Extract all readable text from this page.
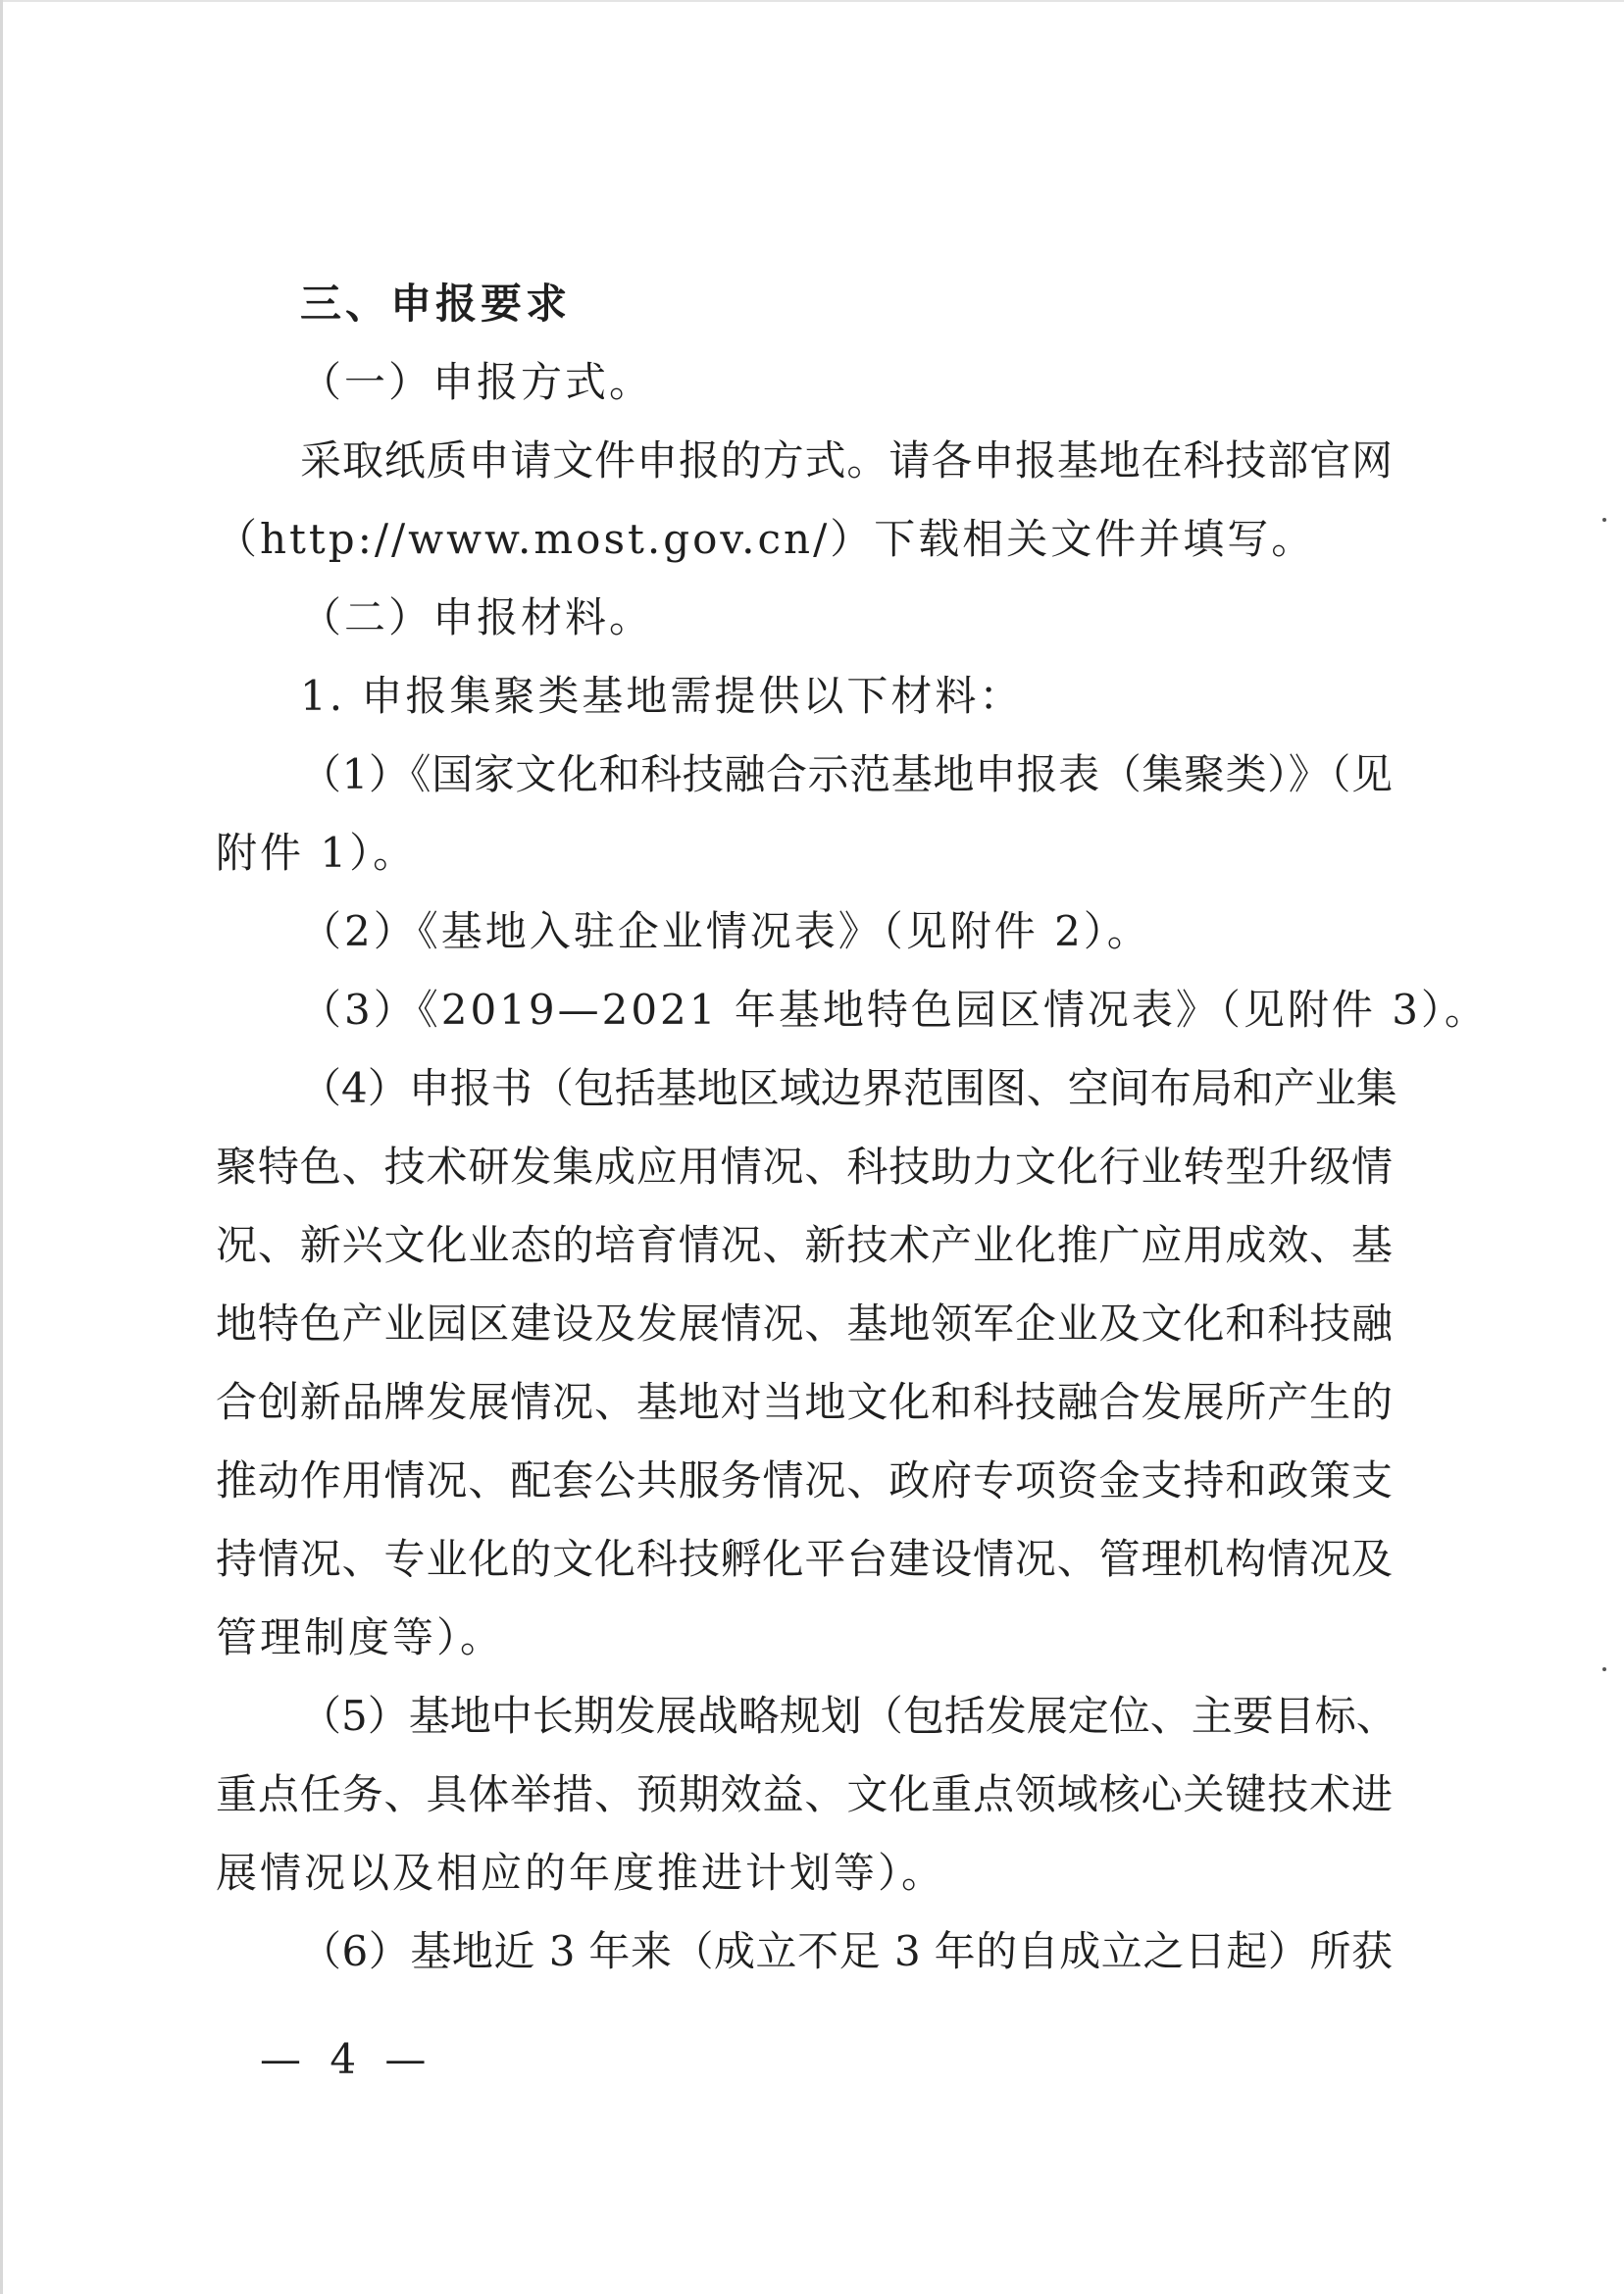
三、申报要求

（一）申报方式。

采取纸质申请文件申报的方式。请各申报基地在科技部官网

（http://www.most.gov.cn/）下载相关文件并填写。

（二）申报材料。

1. 申报集聚类基地需提供以下材料：

（1）《国家文化和科技融合示范基地申报表（集聚类）》（见

附件 1）。

（2）《基地入驻企业情况表》（见附件 2）。

（3）《2019—2021 年基地特色园区情况表》（见附件 3）。

（4）申报书（包括基地区域边界范围图、空间布局和产业集

聚特色、技术研发集成应用情况、科技助力文化行业转型升级情

况、新兴文化业态的培育情况、新技术产业化推广应用成效、基

地特色产业园区建设及发展情况、基地领军企业及文化和科技融

合创新品牌发展情况、基地对当地文化和科技融合发展所产生的

推动作用情况、配套公共服务情况、政府专项资金支持和政策支

持情况、专业化的文化科技孵化平台建设情况、管理机构情况及

管理制度等）。

（5）基地中长期发展战略规划（包括发展定位、主要目标、

重点任务、具体举措、预期效益、文化重点领域核心关键技术进

展情况以及相应的年度推进计划等）。

（6）基地近 3 年来（成立不足 3 年的自成立之日起）所获

— 4 —
